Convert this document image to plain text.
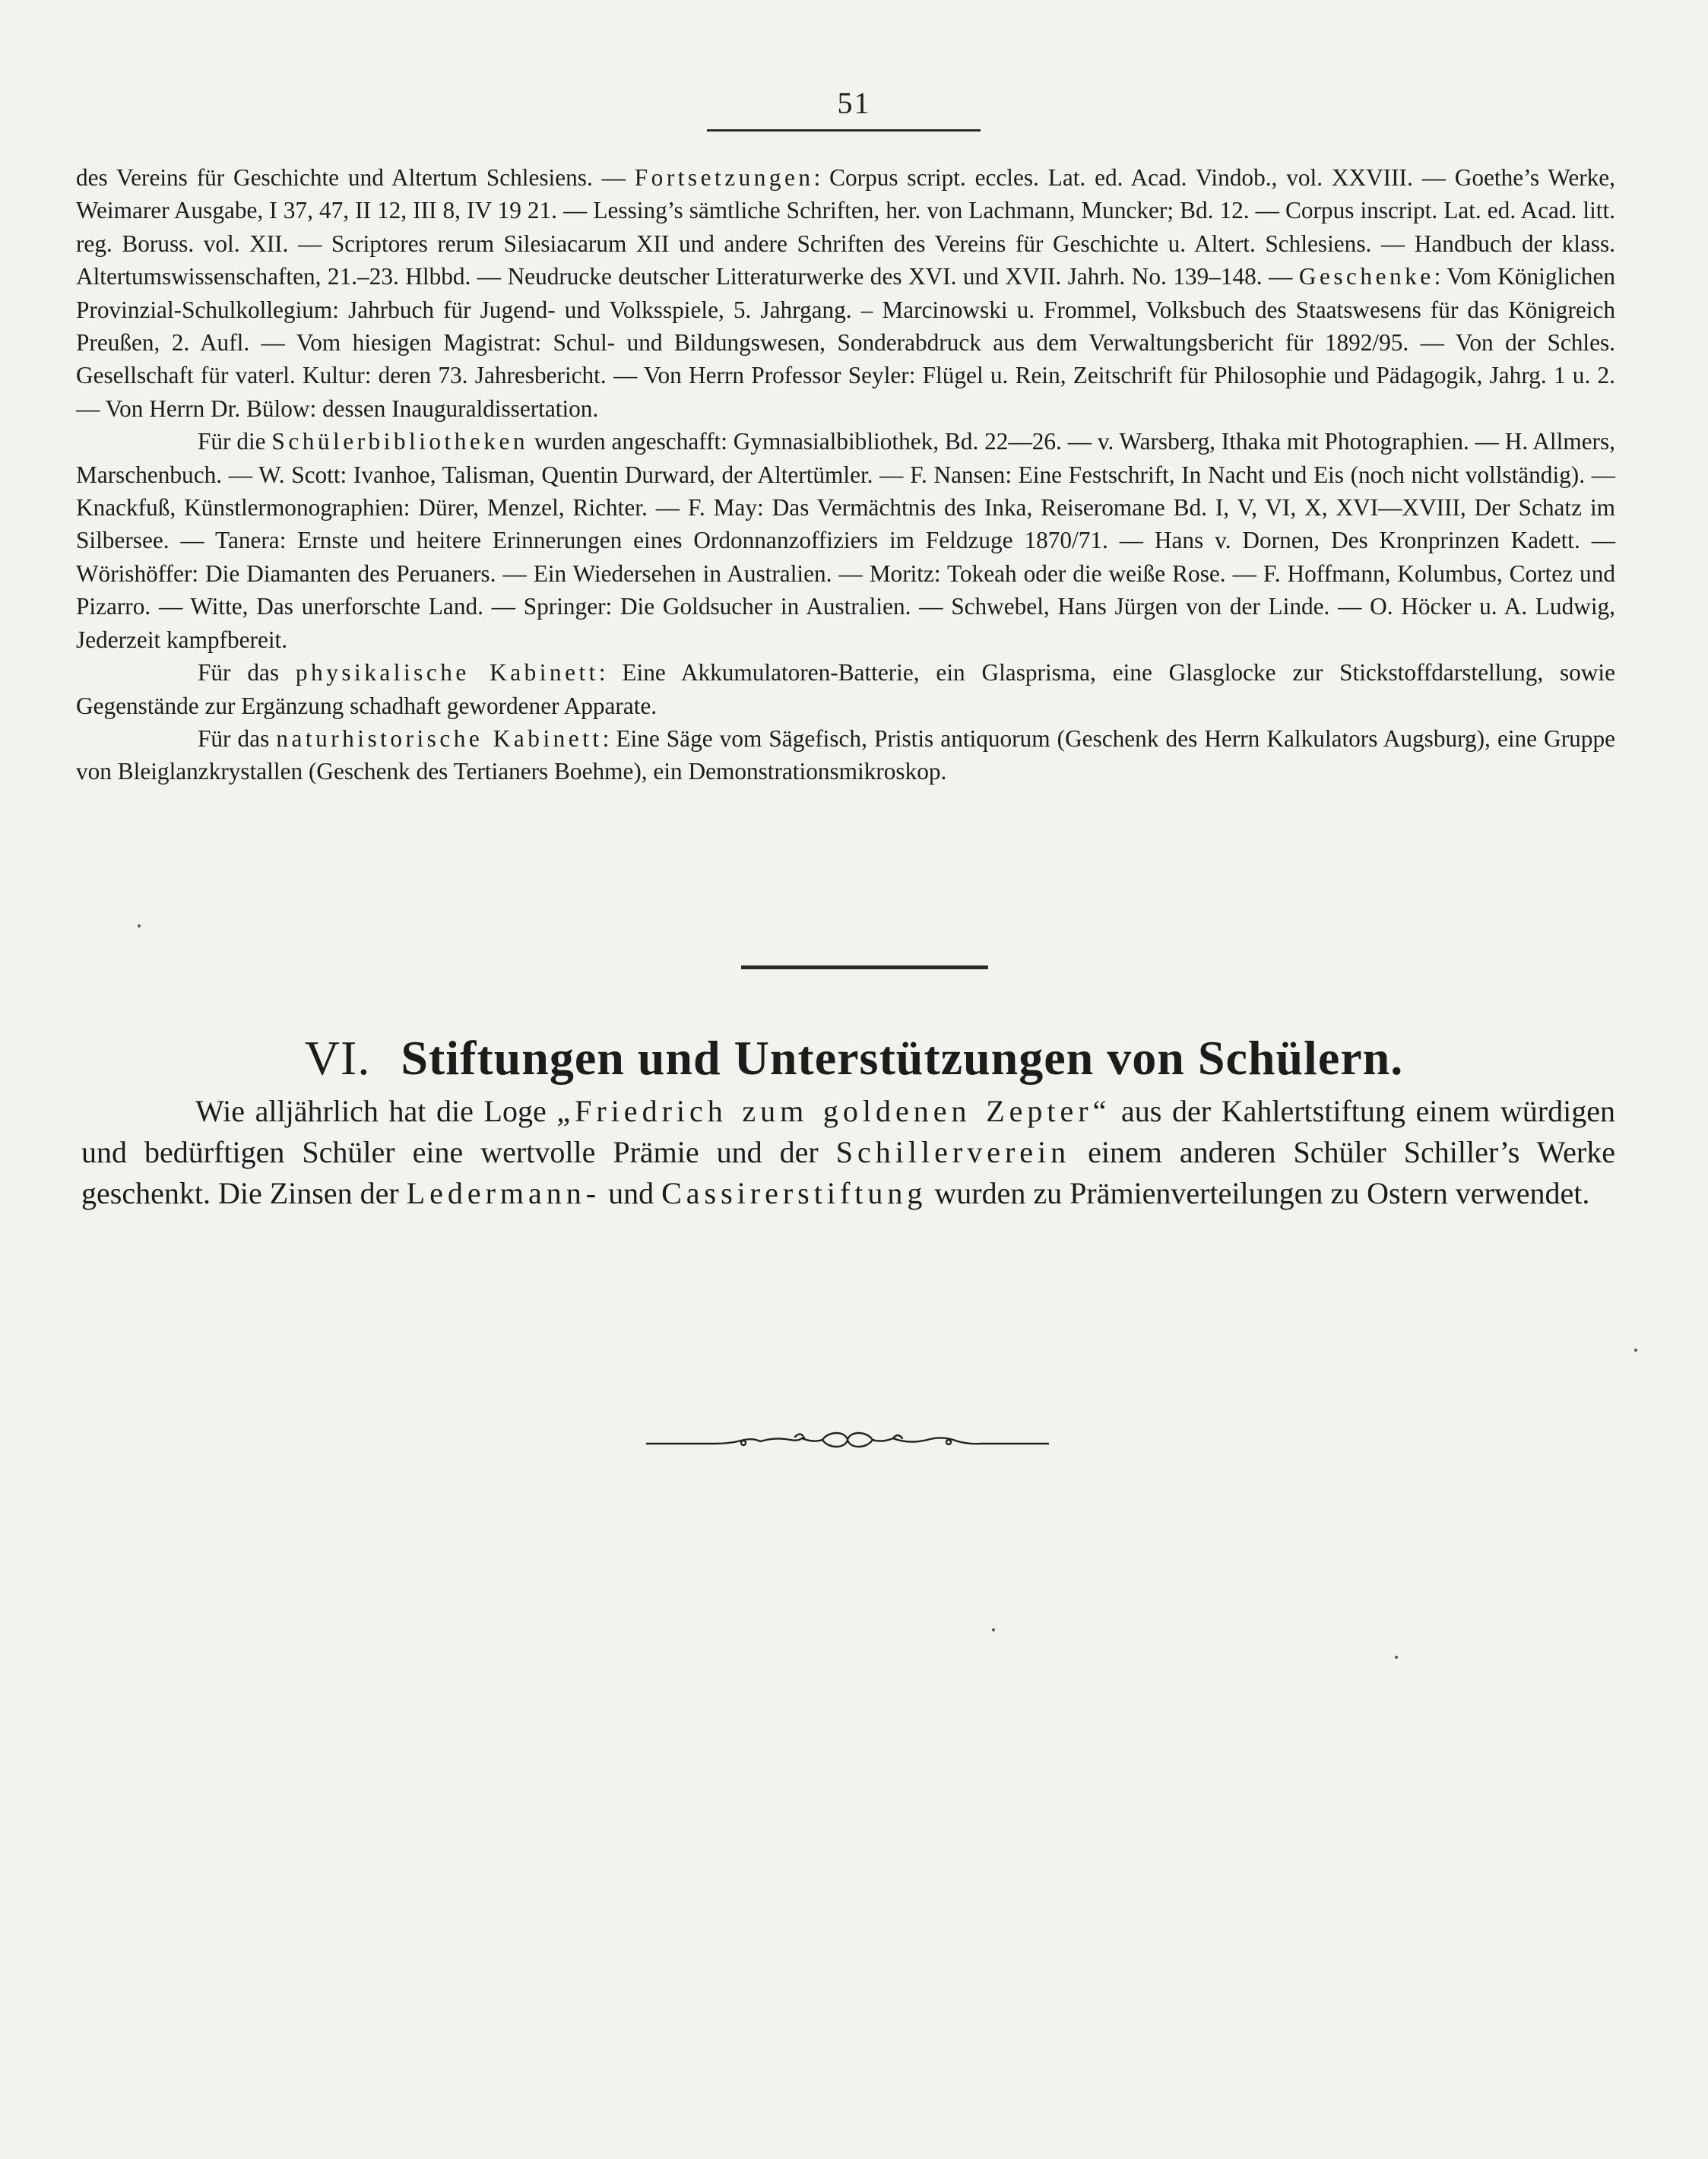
51

des Vereins für Geschichte und Altertum Schlesiens. — Fortsetzungen: Corpus script. eccles. Lat. ed. Acad. Vindob., vol. XXVIII. — Goethe’s Werke, Weimarer Ausgabe, I 37, 47, II 12, III 8, IV 19 21. — Lessing’s sämtliche Schriften, her. von Lachmann, Muncker; Bd. 12. — Corpus inscript. Lat. ed. Acad. litt. reg. Boruss. vol. XII. — Scriptores rerum Silesiacarum XII und andere Schriften des Vereins für Geschichte u. Altert. Schlesiens. — Handbuch der klass. Altertumswissenschaften, 21.–23. Hlbbd. — Neudrucke deutscher Litteraturwerke des XVI. und XVII. Jahrh. No. 139–148. — Geschenke: Vom Königlichen Provinzial-Schulkollegium: Jahrbuch für Jugend- und Volksspiele, 5. Jahrgang. – Marcinowski u. Frommel, Volksbuch des Staatswesens für das Königreich Preußen, 2. Aufl. — Vom hiesigen Magistrat: Schul- und Bildungswesen, Sonderabdruck aus dem Verwaltungsbericht für 1892/95. — Von der Schles. Gesellschaft für vaterl. Kultur: deren 73. Jahresbericht. — Von Herrn Professor Seyler: Flügel u. Rein, Zeitschrift für Philosophie und Pädagogik, Jahrg. 1 u. 2. — Von Herrn Dr. Bülow: dessen Inauguraldissertation.

Für die Schülerbibliotheken wurden angeschafft: Gymnasialbibliothek, Bd. 22—26. — v. Warsberg, Ithaka mit Photographien. — H. Allmers, Marschenbuch. — W. Scott: Ivanhoe, Talisman, Quentin Durward, der Altertümler. — F. Nansen: Eine Festschrift, In Nacht und Eis (noch nicht vollständig). — Knackfuß, Künstlermonographien: Dürer, Menzel, Richter. — F. May: Das Vermächtnis des Inka, Reiseromane Bd. I, V, VI, X, XVI—XVIII, Der Schatz im Silbersee. — Tanera: Ernste und heitere Erinnerungen eines Ordonnanzoffiziers im Feldzuge 1870/71. — Hans v. Dornen, Des Kronprinzen Kadett. — Wörishöffer: Die Diamanten des Peruaners. — Ein Wiedersehen in Australien. — Moritz: Tokeah oder die weiße Rose. — F. Hoffmann, Kolumbus, Cortez und Pizarro. — Witte, Das unerforschte Land. — Springer: Die Goldsucher in Australien. — Schwebel, Hans Jürgen von der Linde. — O. Höcker u. A. Ludwig, Jederzeit kampfbereit.

Für das physikalische Kabinett: Eine Akkumulatoren-Batterie, ein Glasprisma, eine Glasglocke zur Stickstoffdarstellung, sowie Gegenstände zur Ergänzung schadhaft gewordener Apparate.

Für das naturhistorische Kabinett: Eine Säge vom Sägefisch, Pristis antiquorum (Geschenk des Herrn Kalkulators Augsburg), eine Gruppe von Bleiglanzkrystallen (Geschenk des Tertianers Boehme), ein Demonstrationsmikroskop.

VI. Stiftungen und Unterstützungen von Schülern.

Wie alljährlich hat die Loge „Friedrich zum goldenen Zepter“ aus der Kahlertstiftung einem würdigen und bedürftigen Schüler eine wertvolle Prämie und der Schillerverein einem anderen Schüler Schiller’s Werke geschenkt. Die Zinsen der Ledermann- und Cassirerstiftung wurden zu Prämienverteilungen zu Ostern verwendet.
